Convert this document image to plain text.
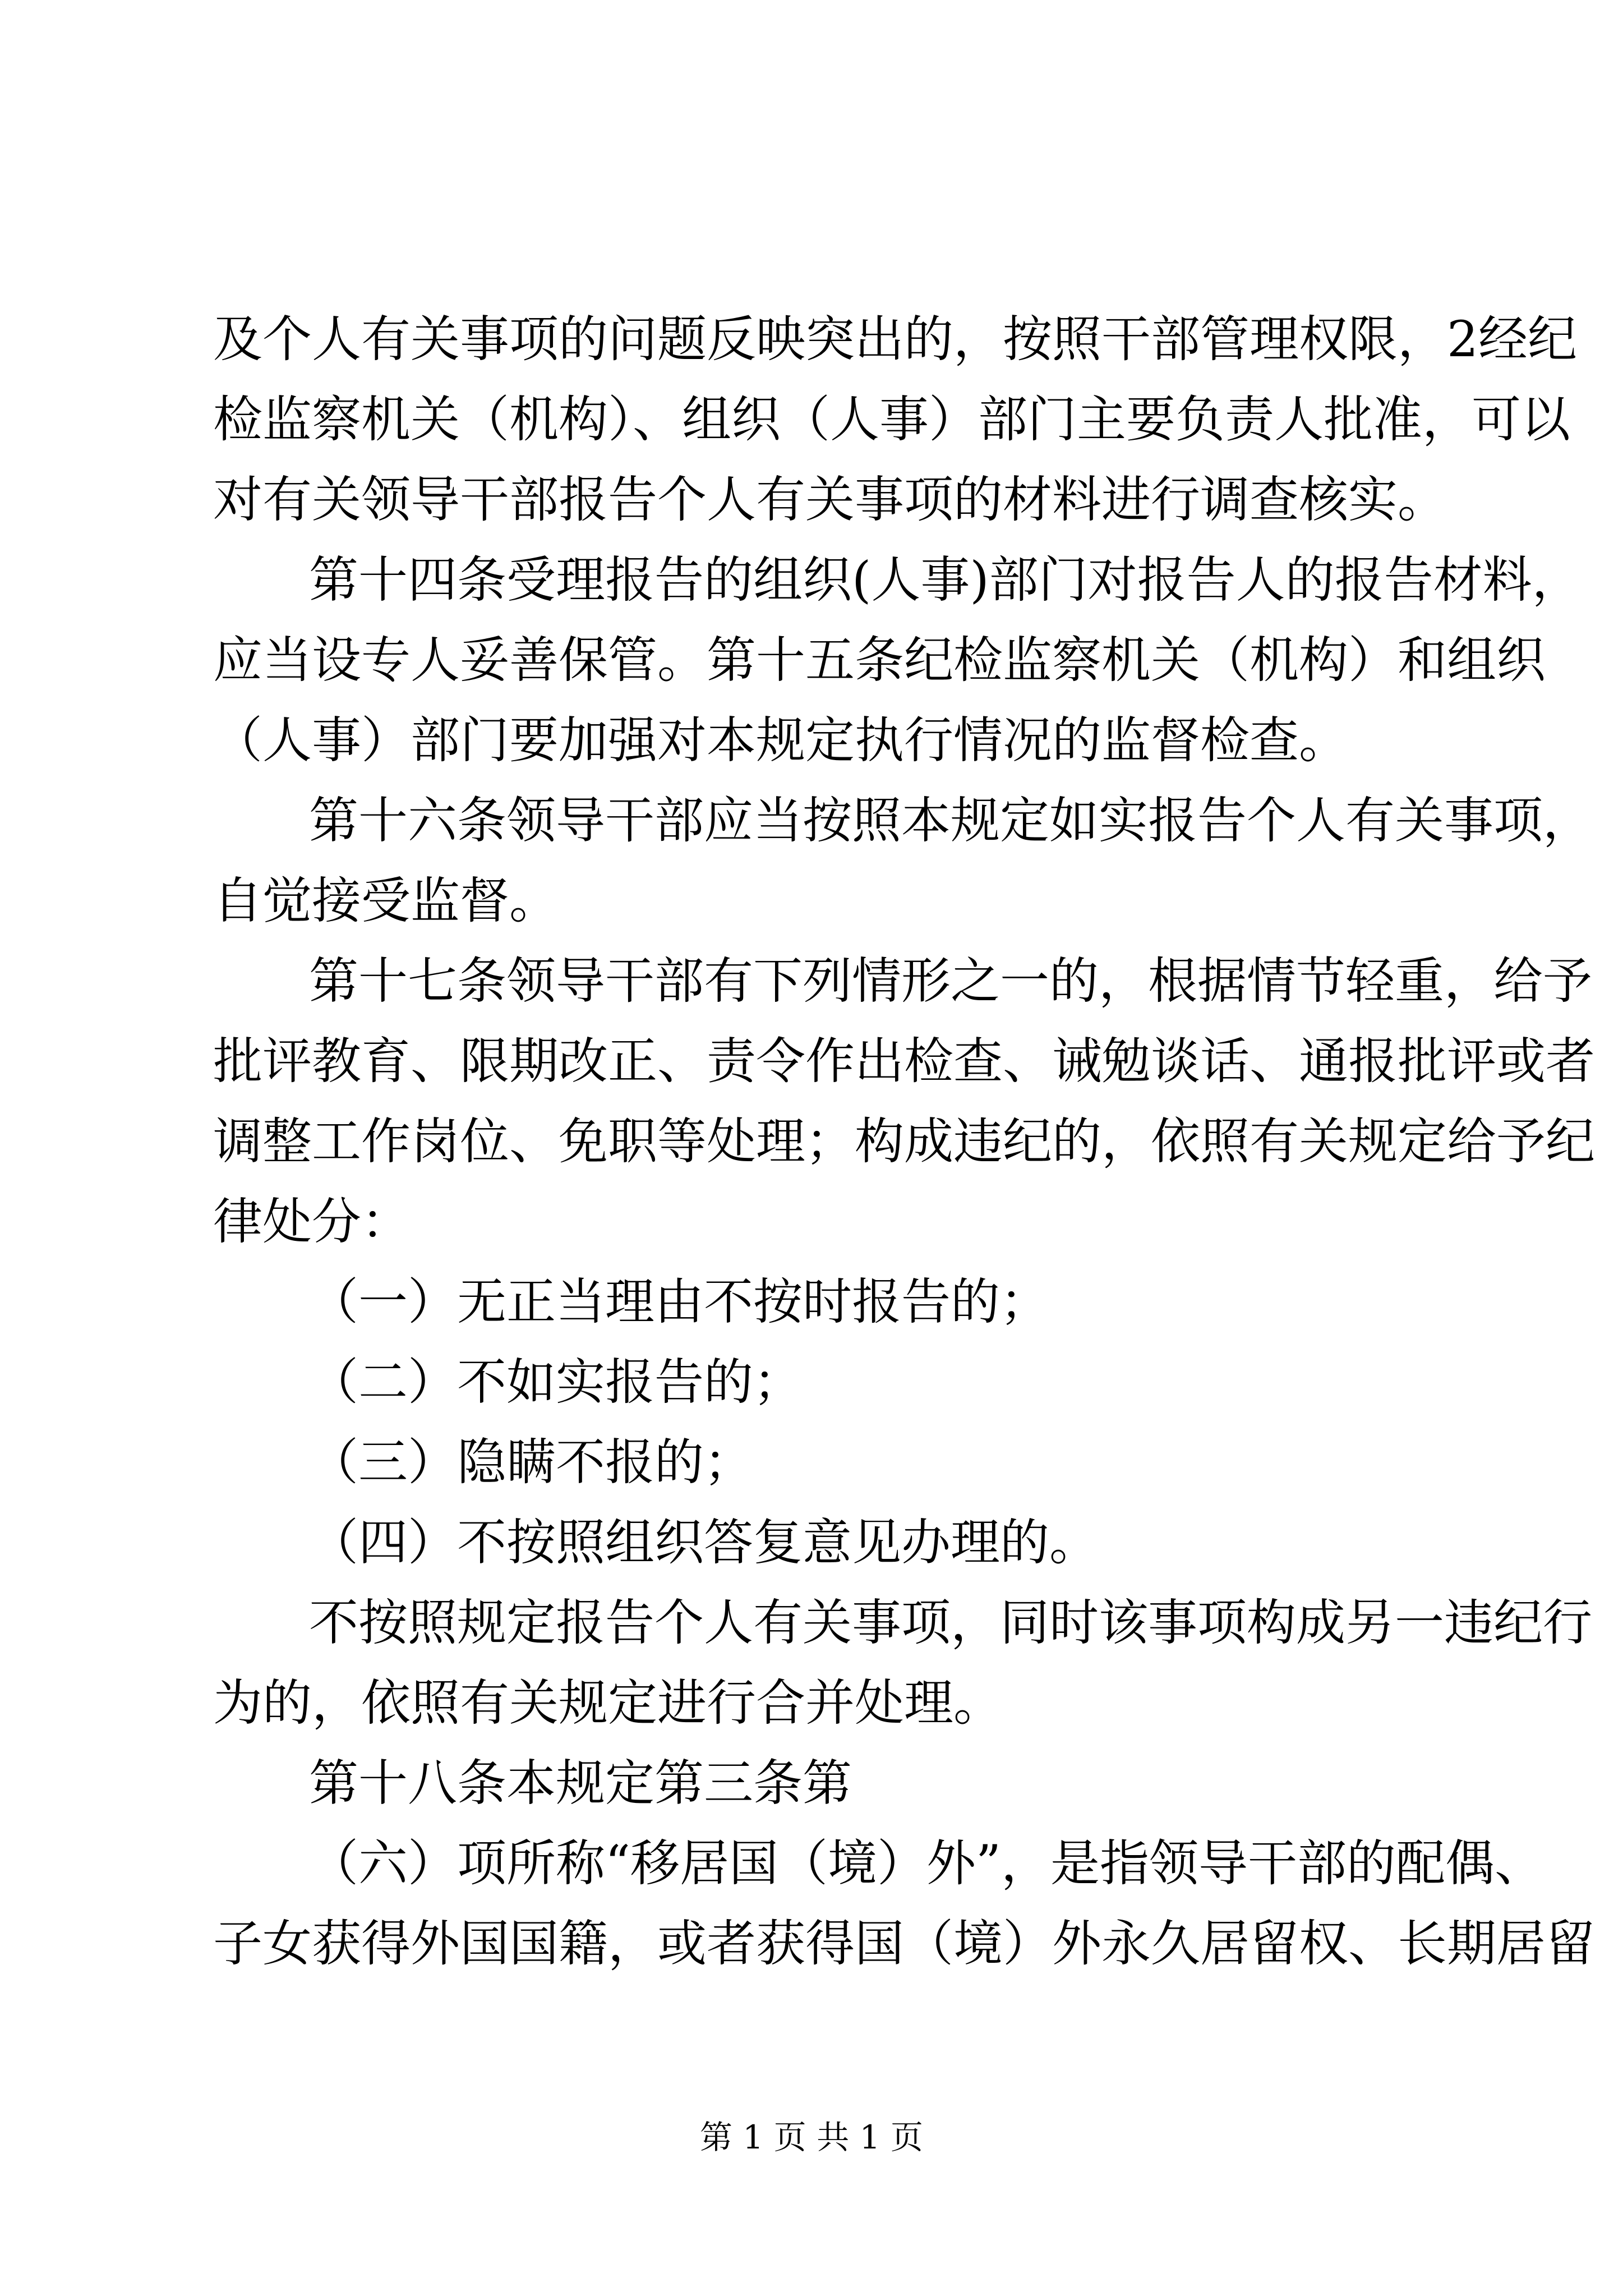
及个人有关事项的问题反映突出的，按照干部管理权限，2经纪
检监察机关（机构）、组织（人事）部门主要负责人批准，可以
对有关领导干部报告个人有关事项的材料进行调查核实。
第十四条受理报告的组织(人事)部门对报告人的报告材料，
应当设专人妥善保管。第十五条纪检监察机关（机构）和组织
（人事）部门要加强对本规定执行情况的监督检查。
第十六条领导干部应当按照本规定如实报告个人有关事项，
自觉接受监督。
第十七条领导干部有下列情形之一的，根据情节轻重，给予
批评教育、限期改正、责令作出检查、诫勉谈话、通报批评或者
调整工作岗位、免职等处理；构成违纪的，依照有关规定给予纪
律处分：
（一）无正当理由不按时报告的；
（二）不如实报告的；
（三）隐瞒不报的；
（四）不按照组织答复意见办理的。
不按照规定报告个人有关事项，同时该事项构成另一违纪行
为的，依照有关规定进行合并处理。
第十八条本规定第三条第
（六）项所称“移居国（境）外”，是指领导干部的配偶、
子女获得外国国籍，或者获得国（境）外永久居留权、长期居留
第 1 页 共 1 页
